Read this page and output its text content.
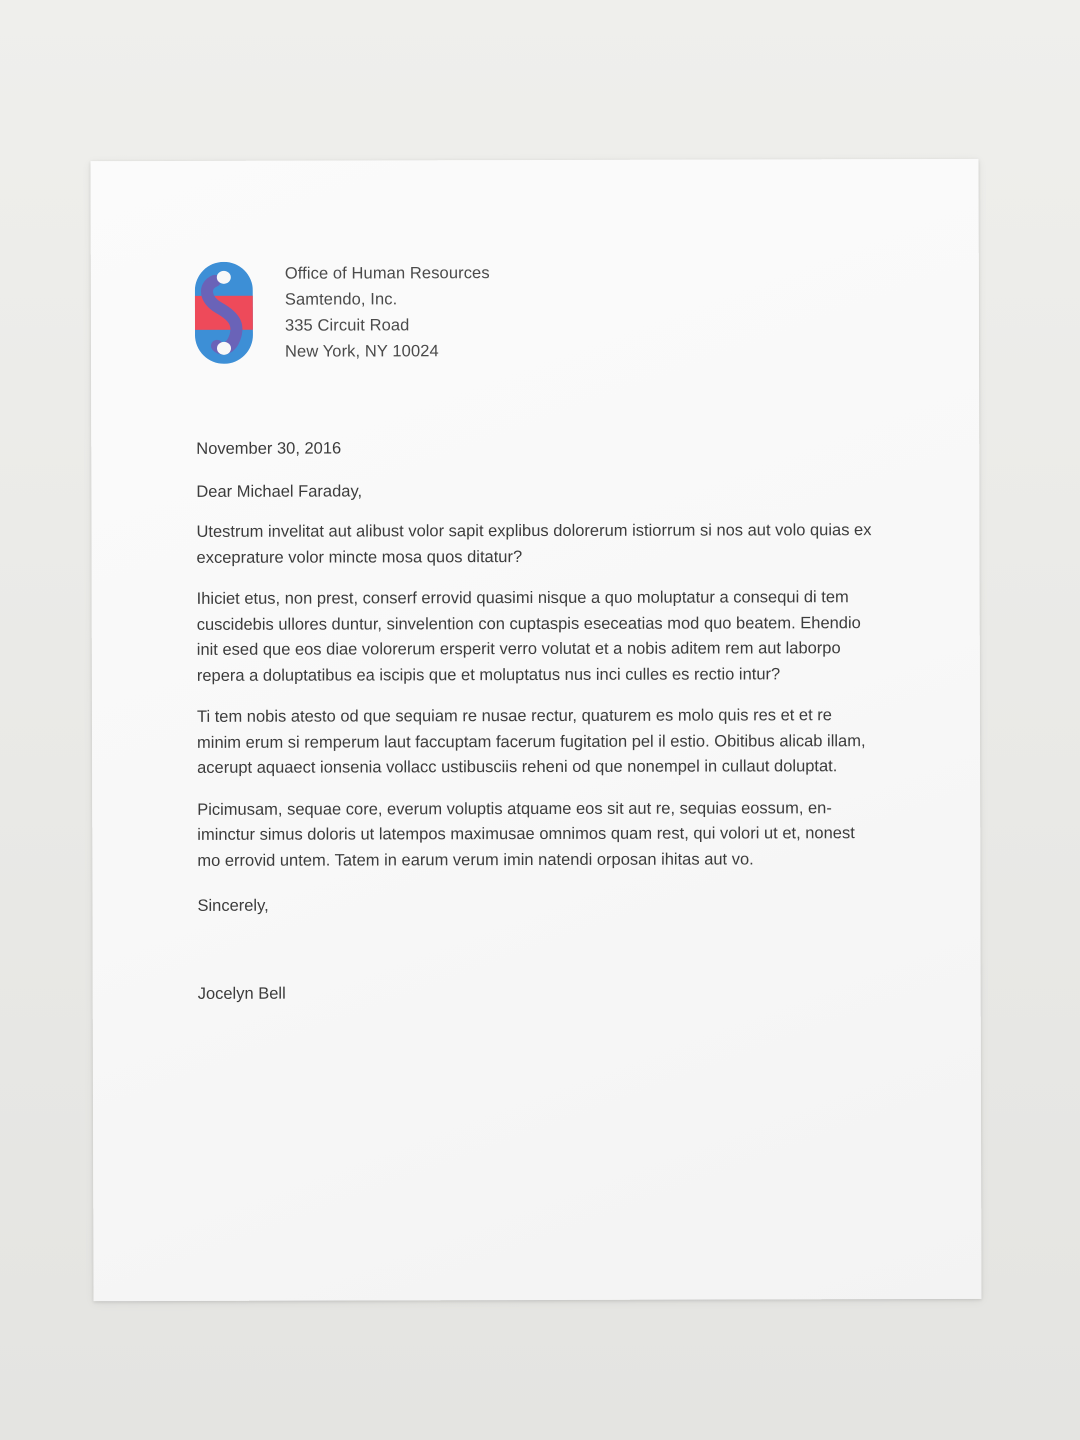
Office of Human Resources
Samtendo, Inc.
335 Circuit Road
New York, NY 10024
November 30, 2016
Dear Michael Faraday,

Utestrum invelitat aut alibust volor sapit explibus dolorerum istiorrum si nos aut volo quias ex excepratur​e volor mincte mosa quos ditatur?

Ihiciet etus, non prest, conserf errovid quasimi nisque a quo moluptatur a consequi di tem cuscidebis ullores duntur, sinvelention con cuptaspis eseceatias mod quo beatem. Ehendio init esed que eos diae volorerum ersperit verro volutat et a nobis aditem rem aut laborpo repera a doluptatibus ea iscipis que et moluptatus nus inci culles es rectio intur?

Ti tem nobis atesto od que sequiam re nusae rectur, quaturem es molo quis res et et re minim erum si remperum laut faccuptam facerum fugitation pel il estio. Obitibus alicab illam, acerupt aquaect ionsenia vollacc ustibusciis reheni od que nonempel in cullaut doluptat.

Picimusam, sequae core, everum voluptis atquame eos sit aut re, sequias eossum, en-iminctur simus doloris ut latempos maximusae omnimos quam rest, qui volori ut et, nonest mo errovid untem. Tatem in earum verum imin natendi orposan ihitas aut vo.

Sincerely,
Jocelyn Bell
